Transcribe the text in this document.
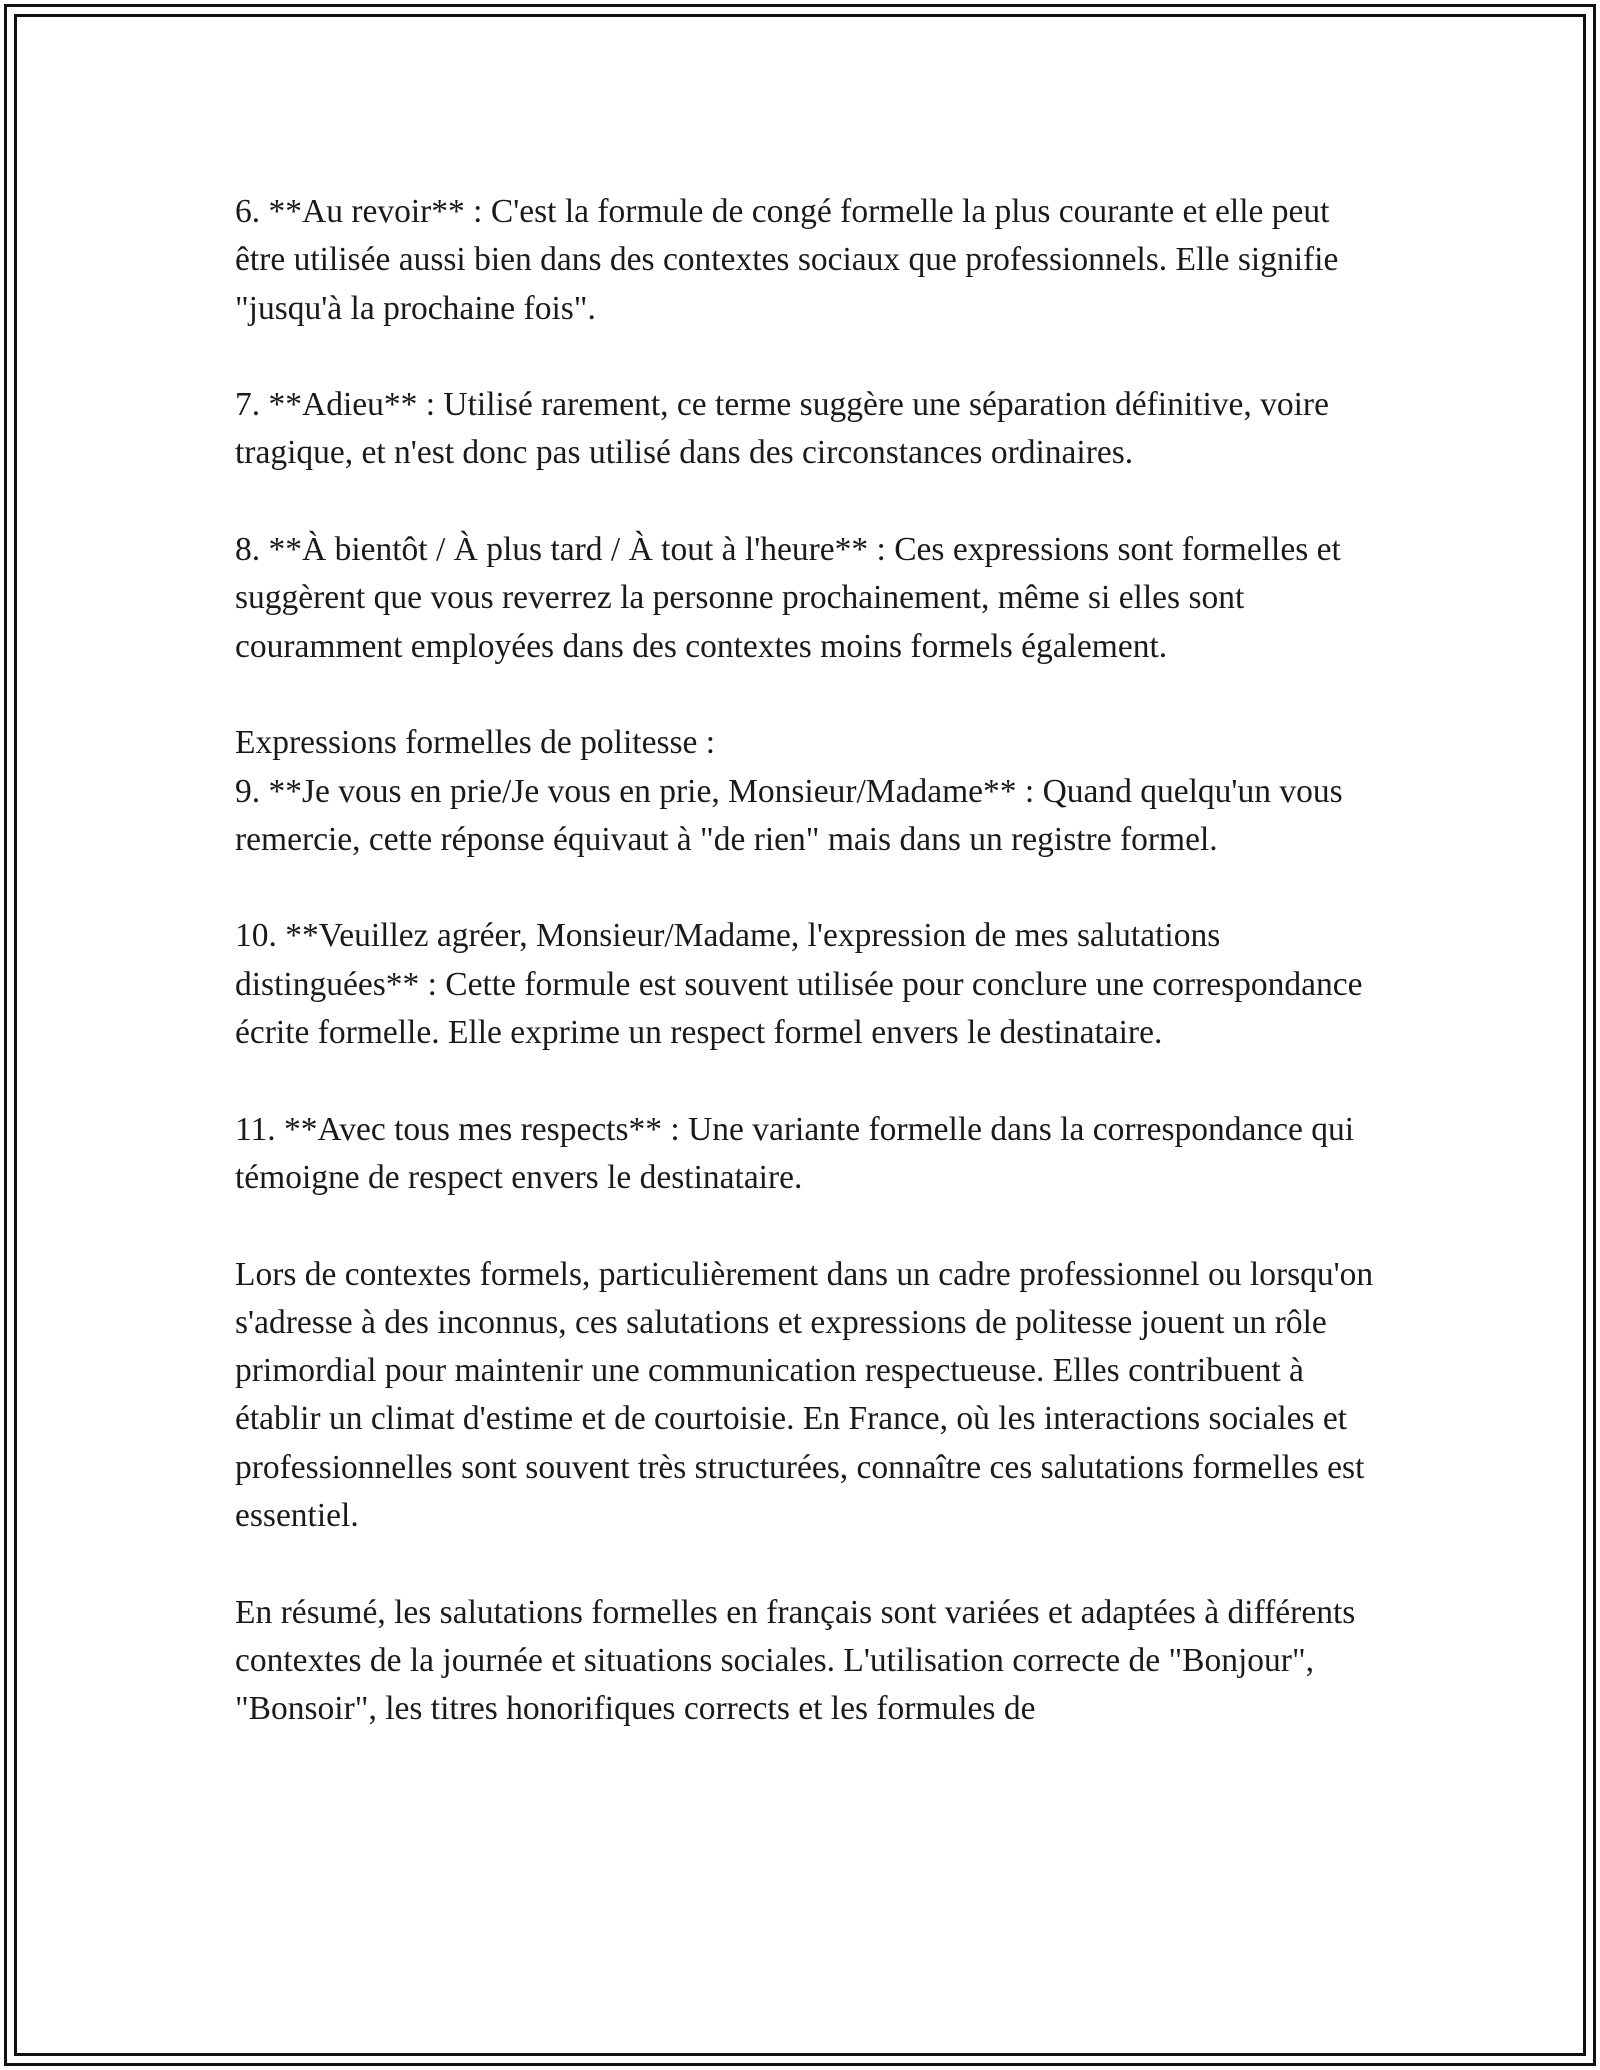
6. **Au revoir** : C'est la formule de congé formelle la plus courante et elle peut être utilisée aussi bien dans des contextes sociaux que professionnels. Elle signifie "jusqu'à la prochaine fois".

7. **Adieu** : Utilisé rarement, ce terme suggère une séparation définitive, voire tragique, et n'est donc pas utilisé dans des circonstances ordinaires.

8. **À bientôt / À plus tard / À tout à l'heure** : Ces expressions sont formelles et suggèrent que vous reverrez la personne prochainement, même si elles sont couramment employées dans des contextes moins formels également.

Expressions formelles de politesse :

9. **Je vous en prie/Je vous en prie, Monsieur/Madame** : Quand quelqu'un vous remercie, cette réponse équivaut à "de rien" mais dans un registre formel.

10. **Veuillez agréer, Monsieur/Madame, l'expression de mes salutations distinguées** : Cette formule est souvent utilisée pour conclure une correspondance écrite formelle. Elle exprime un respect formel envers le destinataire.

11. **Avec tous mes respects** : Une variante formelle dans la correspondance qui témoigne de respect envers le destinataire.

Lors de contextes formels, particulièrement dans un cadre professionnel ou lorsqu'on s'adresse à des inconnus, ces salutations et expressions de politesse jouent un rôle primordial pour maintenir une communication respectueuse. Elles contribuent à établir un climat d'estime et de courtoisie. En France, où les interactions sociales et professionnelles sont souvent très structurées, connaître ces salutations formelles est essentiel.

En résumé, les salutations formelles en français sont variées et adaptées à différents contextes de la journée et situations sociales. L'utilisation correcte de "Bonjour", "Bonsoir", les titres honorifiques corrects et les formules de
